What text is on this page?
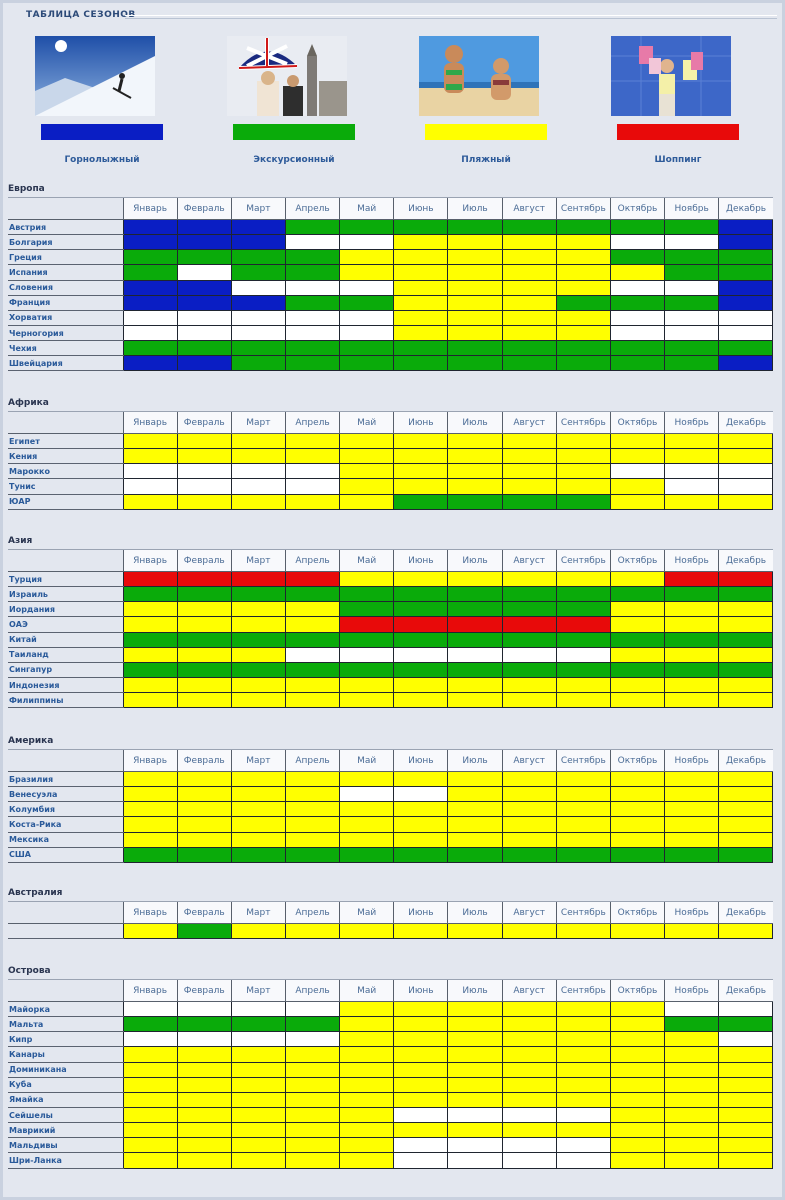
ТАБЛИЦА СЕЗОНОВ
Горнолыжный	Экскурсионный	Пляжный	Шоппинг
Европа
	Январь	Февраль	Март	Апрель	Май	Июнь	Июль	Август	Сентябрь	Октябрь	Ноябрь	Декабрь
Австрия												
Болгария												
Греция												
Испания												
Словения												
Франция												
Хорватия												
Черногория												
Чехия												
Швейцария												
Африка
	Январь	Февраль	Март	Апрель	Май	Июнь	Июль	Август	Сентябрь	Октябрь	Ноябрь	Декабрь
Египет												
Кения												
Марокко												
Тунис												
ЮАР												
Азия
	Январь	Февраль	Март	Апрель	Май	Июнь	Июль	Август	Сентябрь	Октябрь	Ноябрь	Декабрь
Турция												
Израиль												
Иордания												
ОАЭ												
Китай												
Таиланд												
Сингапур												
Индонезия												
Филиппины												
Америка
	Январь	Февраль	Март	Апрель	Май	Июнь	Июль	Август	Сентябрь	Октябрь	Ноябрь	Декабрь
Бразилия												
Венесуэла												
Колумбия												
Коста-Рика												
Мексика												
США												
Австралия
	Январь	Февраль	Март	Апрель	Май	Июнь	Июль	Август	Сентябрь	Октябрь	Ноябрь	Декабрь

Острова
	Январь	Февраль	Март	Апрель	Май	Июнь	Июль	Август	Сентябрь	Октябрь	Ноябрь	Декабрь
Майорка												
Мальта												
Кипр												
Канары												
Доминикана												
Куба												
Ямайка												
Сейшелы												
Маврикий												
Мальдивы												
Шри-Ланка												
